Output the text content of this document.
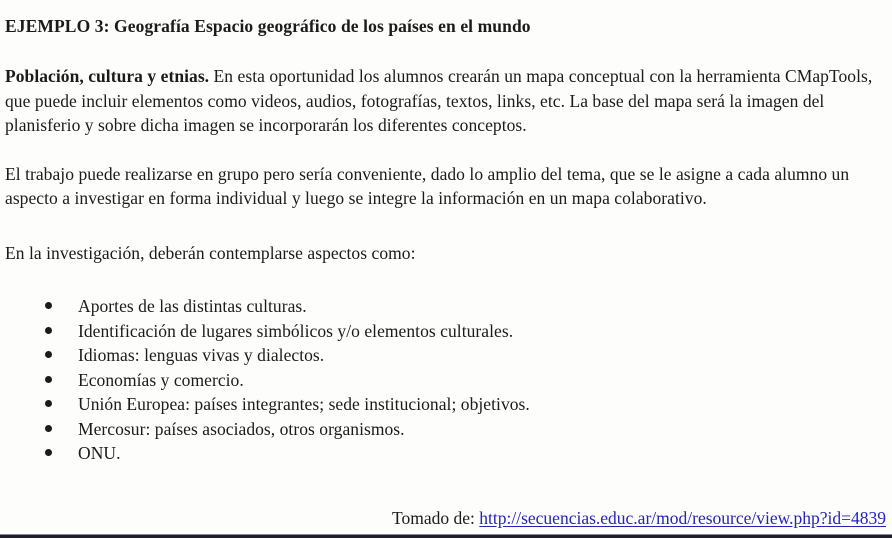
EJEMPLO 3: Geografía Espacio geográfico de los países en el mundo

Población, cultura y etnias. En esta oportunidad los alumnos crearán un mapa conceptual con la herramienta CMapTools, que puede incluir elementos como videos, audios, fotografías, textos, links, etc. La base del mapa será la imagen del planisferio y sobre dicha imagen se incorporarán los diferentes conceptos.

El trabajo puede realizarse en grupo pero sería conveniente, dado lo amplio del tema, que se le asigne a cada alumno un aspecto a investigar en forma individual y luego se integre la información en un mapa colaborativo.

En la investigación, deberán contemplarse aspectos como:

Aportes de las distintas culturas.
Identificación de lugares simbólicos y/o elementos culturales.
Idiomas: lenguas vivas y dialectos.
Economías y comercio.
Unión Europea: países integrantes; sede institucional; objetivos.
Mercosur: países asociados, otros organismos.
ONU.
Tomado de: http://secuencias.educ.ar/mod/resource/view.php?id=4839
